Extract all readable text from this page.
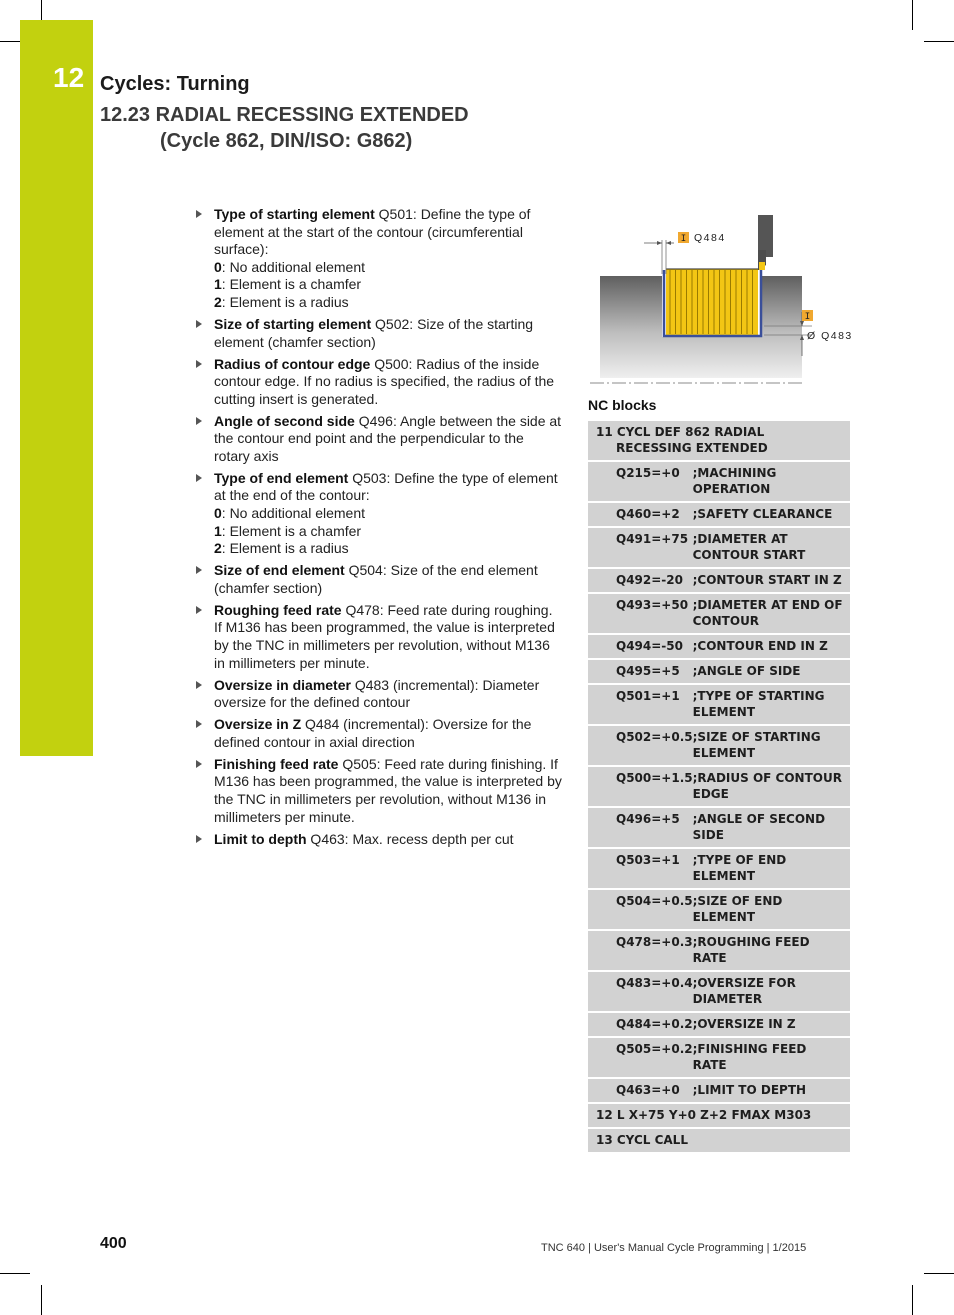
12 Cycles: Turning
12.23 RADIAL RECESSING EXTENDED
(Cycle 862, DIN/ISO: G862)
Type of starting element Q501: Define the type of element at the start of the contour (circumferential surface):
0: No additional element
1: Element is a chamfer
2: Element is a radius
Size of starting element Q502: Size of the starting element (chamfer section)
Radius of contour edge Q500: Radius of the inside contour edge. If no radius is specified, the radius of the cutting insert is generated.
Angle of second side Q496: Angle between the side at the contour end point and the perpendicular to the rotary axis
Type of end element Q503: Define the type of element at the end of the contour:
0: No additional element
1: Element is a chamfer
2: Element is a radius
Size of end element Q504: Size of the end element (chamfer section)
Roughing feed rate Q478: Feed rate during roughing. If M136 has been programmed, the value is interpreted by the TNC in millimeters per revolution, without M136 in millimeters per minute.
Oversize in diameter Q483 (incremental): Diameter oversize for the defined contour
Oversize in Z Q484 (incremental): Oversize for the defined contour in axial direction
Finishing feed rate Q505: Feed rate during finishing. If M136 has been programmed, the value is interpreted by the TNC in millimeters per revolution, without M136 in millimeters per minute.
Limit to depth Q463: Max. recess depth per cut
I Q484
I
Ø Q483
NC blocks
11 CYCL DEF 862 RADIAL RECESSING EXTENDED	

Q215=+0	;MACHINING OPERATION
Q460=+2	;SAFETY CLEARANCE
Q491=+75	;DIAMETER AT CONTOUR START
Q492=-20	;CONTOUR START IN Z
Q493=+50	;DIAMETER AT END OF CONTOUR
Q494=-50	;CONTOUR END IN Z
Q495=+5	;ANGLE OF SIDE
Q501=+1	;TYPE OF STARTING ELEMENT
Q502=+0.5	;SIZE OF STARTING ELEMENT
Q500=+1.5	;RADIUS OF CONTOUR EDGE
Q496=+5	;ANGLE OF SECOND SIDE
Q503=+1	;TYPE OF END ELEMENT
Q504=+0.5	;SIZE OF END ELEMENT
Q478=+0.3	;ROUGHING FEED RATE
Q483=+0.4	;OVERSIZE FOR DIAMETER
Q484=+0.2	;OVERSIZE IN Z
Q505=+0.2	;FINISHING FEED RATE
Q463=+0	;LIMIT TO DEPTH

12 L X+75 Y+0 Z+2 FMAX M303	

13 CYCL CALL	
400	TNC 640 | User's Manual Cycle Programming | 1/2015
